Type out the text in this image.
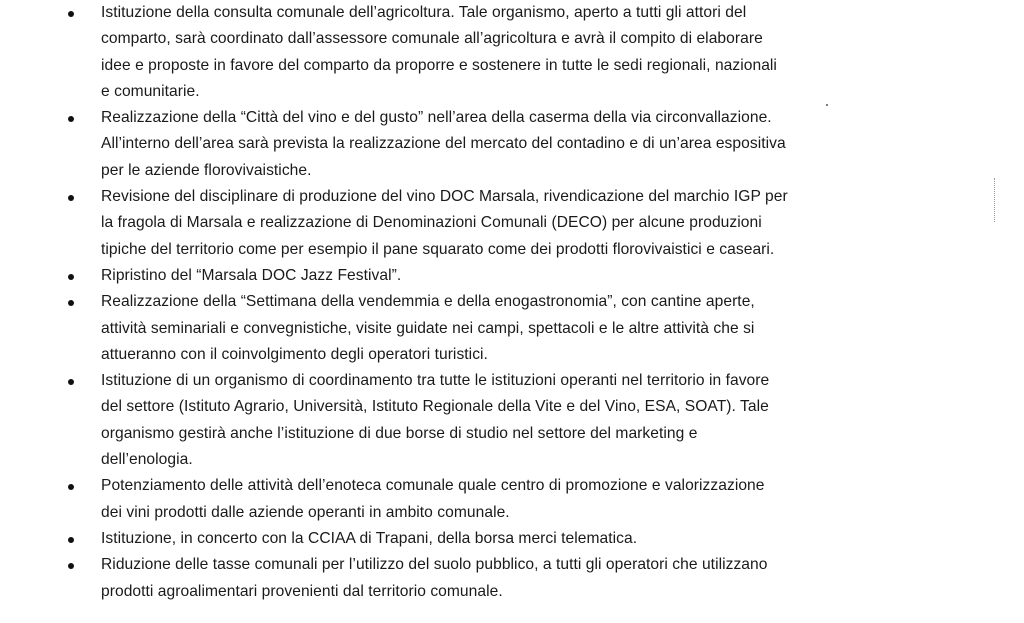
Istituzione della consulta comunale dell’agricoltura. Tale organismo, aperto a tutti gli attori del
comparto, sarà coordinato dall’assessore comunale all’agricoltura e avrà il compito di elaborare
idee e proposte in favore del comparto da proporre e sostenere in tutte le sedi regionali, nazionali
e comunitarie.
Realizzazione della “Città del vino e del gusto” nell’area della caserma della via circonvallazione.
All’interno dell’area sarà prevista la realizzazione del mercato del contadino e di un’area espositiva
per le aziende florovivaistiche.
Revisione del disciplinare di produzione del vino DOC Marsala, rivendicazione del marchio IGP per
la fragola di Marsala e realizzazione di Denominazioni Comunali (DECO) per alcune produzioni
tipiche del territorio come per esempio il pane squarato come dei prodotti florovivaistici e caseari.
Ripristino del “Marsala DOC Jazz Festival”.
Realizzazione della “Settimana della vendemmia e della enogastronomia”, con cantine aperte,
attività seminariali e convegnistiche, visite guidate nei campi, spettacoli e le altre attività che si
attueranno con il coinvolgimento degli operatori turistici.
Istituzione di un organismo di coordinamento tra tutte le istituzioni operanti nel territorio in favore
del settore (Istituto Agrario, Università, Istituto Regionale della Vite e del Vino, ESA, SOAT). Tale
organismo gestirà anche l’istituzione di due borse di studio nel settore del marketing e
dell’enologia.
Potenziamento delle attività dell’enoteca comunale quale centro di promozione e valorizzazione
dei vini prodotti dalle aziende operanti in ambito comunale.
Istituzione, in concerto con la CCIAA di Trapani, della borsa merci telematica.
Riduzione delle tasse comunali per l’utilizzo del suolo pubblico, a tutti gli operatori che utilizzano
prodotti agroalimentari provenienti dal territorio comunale.
